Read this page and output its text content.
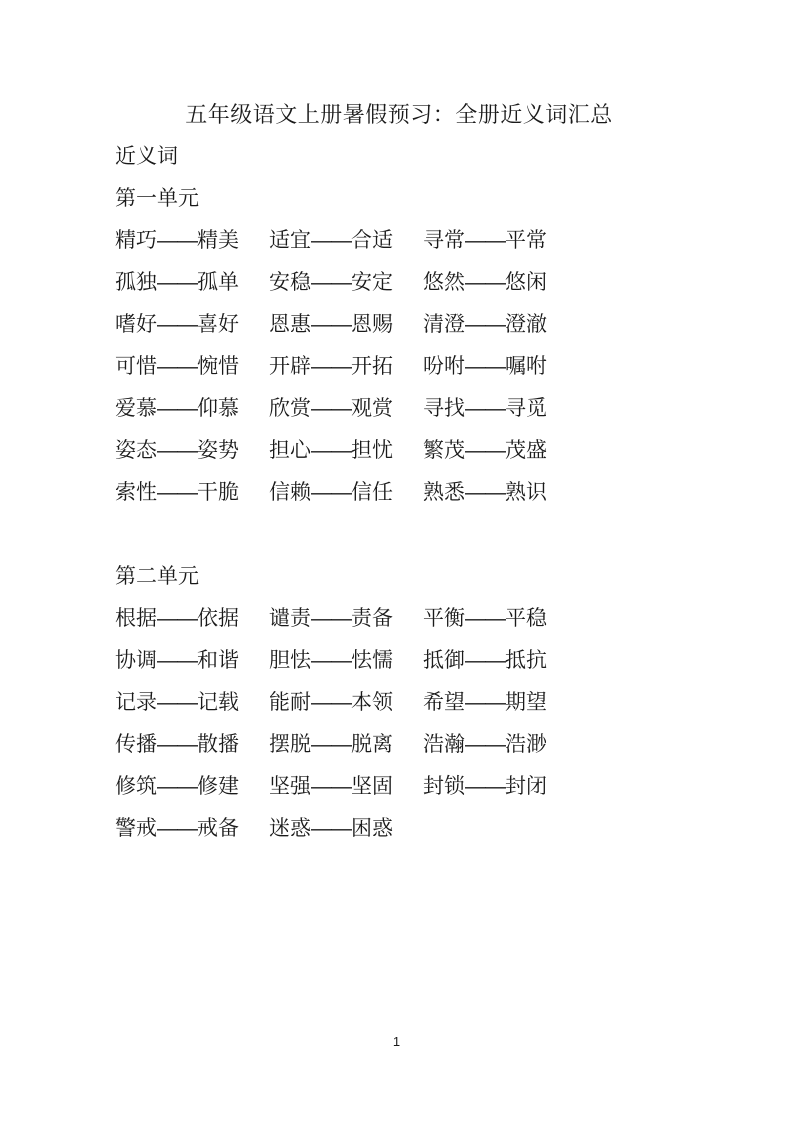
五年级语文上册暑假预习：全册近义词汇总
近义词
第一单元
精巧——精美 适宜——合适 寻常——平常
孤独——孤单 安稳——安定 悠然——悠闲
嗜好——喜好 恩惠——恩赐 清澄——澄澈
可惜——惋惜 开辟——开拓 吩咐——嘱咐
爱慕——仰慕 欣赏——观赏 寻找——寻觅
姿态——姿势 担心——担忧 繁茂——茂盛
索性——干脆 信赖——信任 熟悉——熟识
第二单元
根据——依据 谴责——责备 平衡——平稳
协调——和谐 胆怯——怯懦 抵御——抵抗
记录——记载 能耐——本领 希望——期望
传播——散播 摆脱——脱离 浩瀚——浩渺
修筑——修建 坚强——坚固 封锁——封闭
警戒——戒备 迷惑——困惑
1
